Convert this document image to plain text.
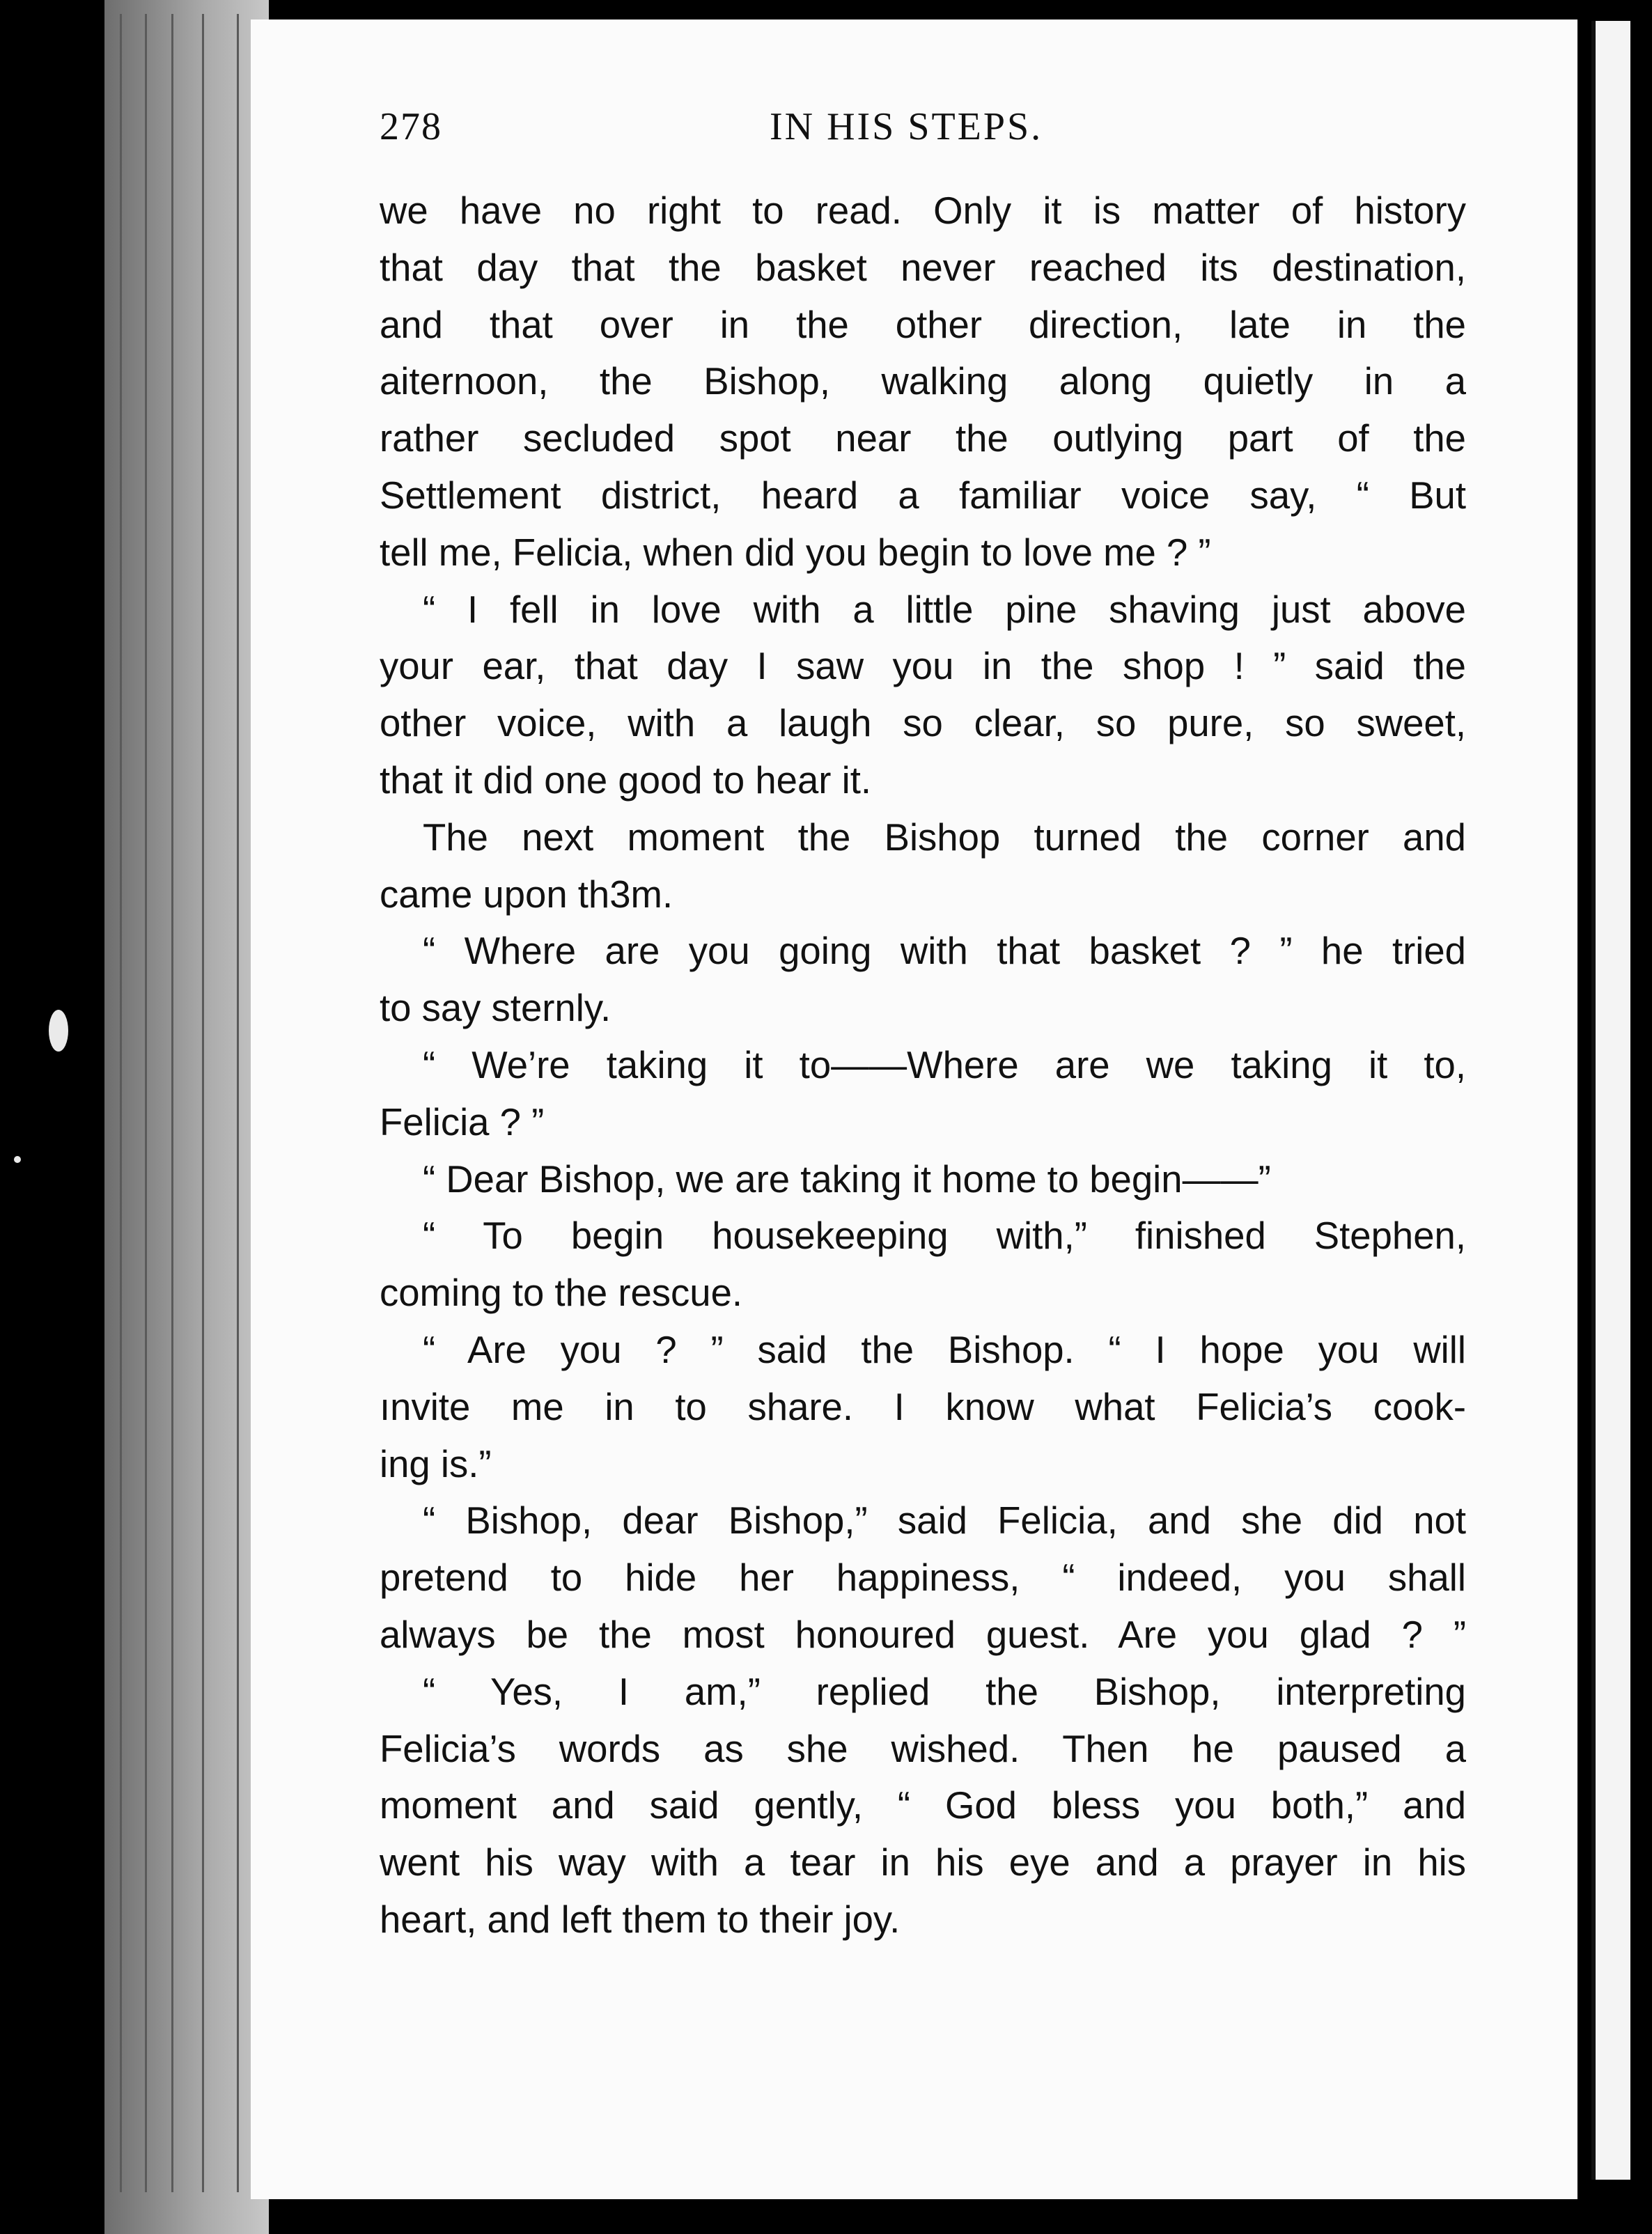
278	IN HIS STEPS.
we have no right to read. Only it is matter of history
that day that the basket never reached its destination,
and that over in the other direction, late in the
aiternoon, the Bishop, walking along quietly in a
rather secluded spot near the outlying part of the
Settlement district, heard a familiar voice say, “ But
tell me, Felicia, when did you begin to love me ? ”
“ I fell in love with a little pine shaving just above
your ear, that day I saw you in the shop ! ” said the
other voice, with a laugh so clear, so pure, so sweet,
that it did one good to hear it.
The next moment the Bishop turned the corner and
came upon th3m.
“ Where are you going with that basket ? ” he tried
to say sternly.
“ We’re taking it to——Where are we taking it to,
Felicia ? ”
“ Dear Bishop, we are taking it home to begin——”
“ To begin housekeeping with,” finished Stephen,
coming to the rescue.
“ Are you ? ” said the Bishop. “ I hope you will
ınvite me in to share. I know what Felicia’s cook-
ing is.”
“ Bishop, dear Bishop,” said Felicia, and she did not
pretend to hide her happiness, “ indeed, you shall
always be the most honoured guest. Are you glad ? ”
“ Yes, I am,” replied the Bishop, interpreting
Felicia’s words as she wished. Then he paused a
moment and said gently, “ God bless you both,” and
went his way with a tear in his eye and a prayer in his
heart, and left them to their joy.
